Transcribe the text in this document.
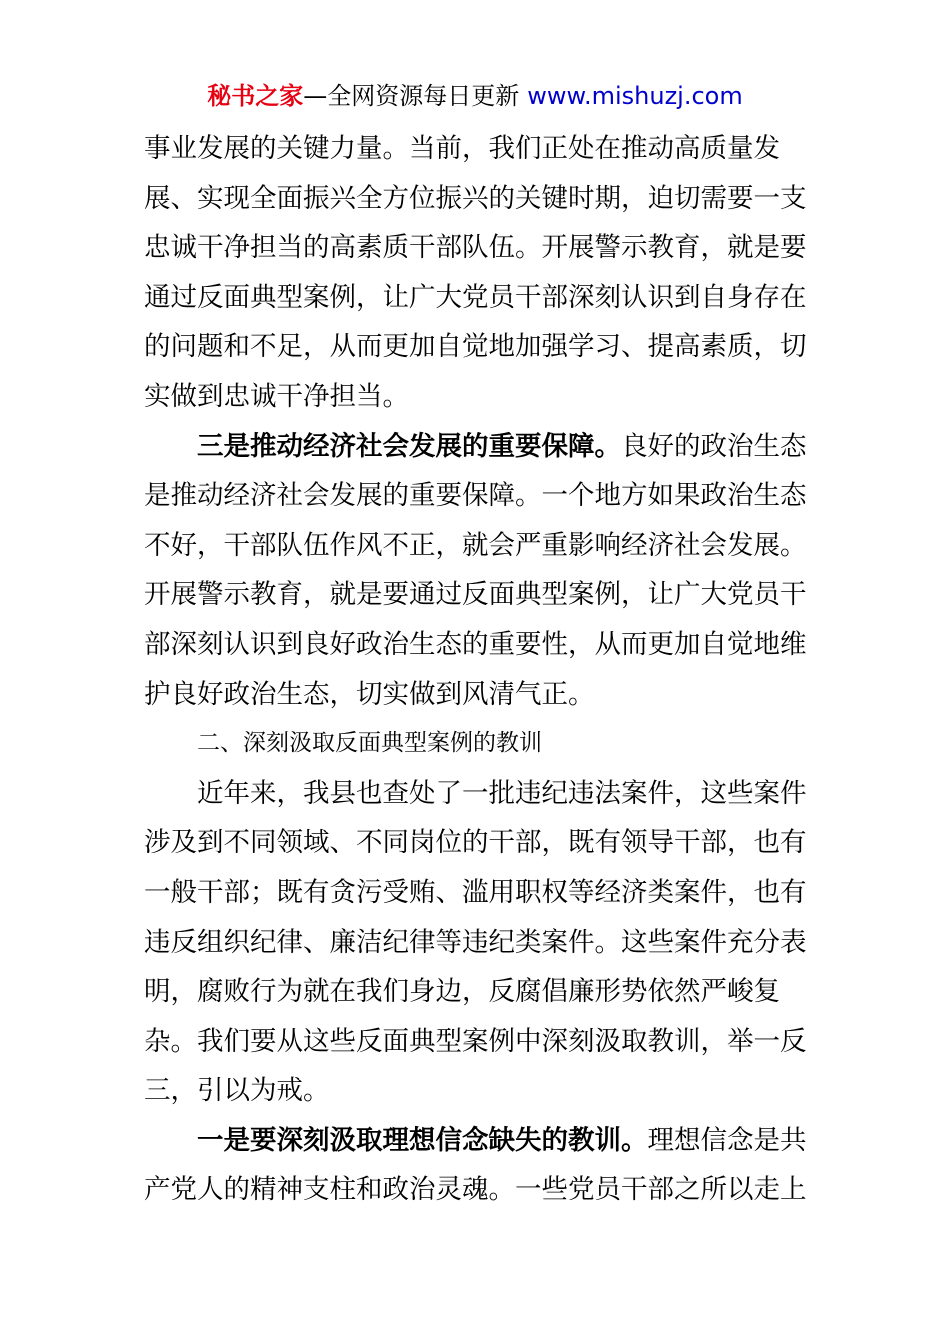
秘书之家—全网资源每日更新 www.mishuzj.com
事业发展的关键力量。当前，我们正处在推动高质量发
展、实现全面振兴全方位振兴的关键时期，迫切需要一支
忠诚干净担当的高素质干部队伍。开展警示教育，就是要
通过反面典型案例，让广大党员干部深刻认识到自身存在
的问题和不足，从而更加自觉地加强学习、提高素质，切
实做到忠诚干净担当。
三是推动经济社会发展的重要保障。良好的政治生态
是推动经济社会发展的重要保障。一个地方如果政治生态
不好，干部队伍作风不正，就会严重影响经济社会发展。
开展警示教育，就是要通过反面典型案例，让广大党员干
部深刻认识到良好政治生态的重要性，从而更加自觉地维
护良好政治生态，切实做到风清气正。
二、深刻汲取反面典型案例的教训
近年来，我县也查处了一批违纪违法案件，这些案件
涉及到不同领域、不同岗位的干部，既有领导干部，也有
一般干部；既有贪污受贿、滥用职权等经济类案件，也有
违反组织纪律、廉洁纪律等违纪类案件。这些案件充分表
明，腐败行为就在我们身边，反腐倡廉形势依然严峻复
杂。我们要从这些反面典型案例中深刻汲取教训，举一反
三，引以为戒。
一是要深刻汲取理想信念缺失的教训。理想信念是共
产党人的精神支柱和政治灵魂。一些党员干部之所以走上
